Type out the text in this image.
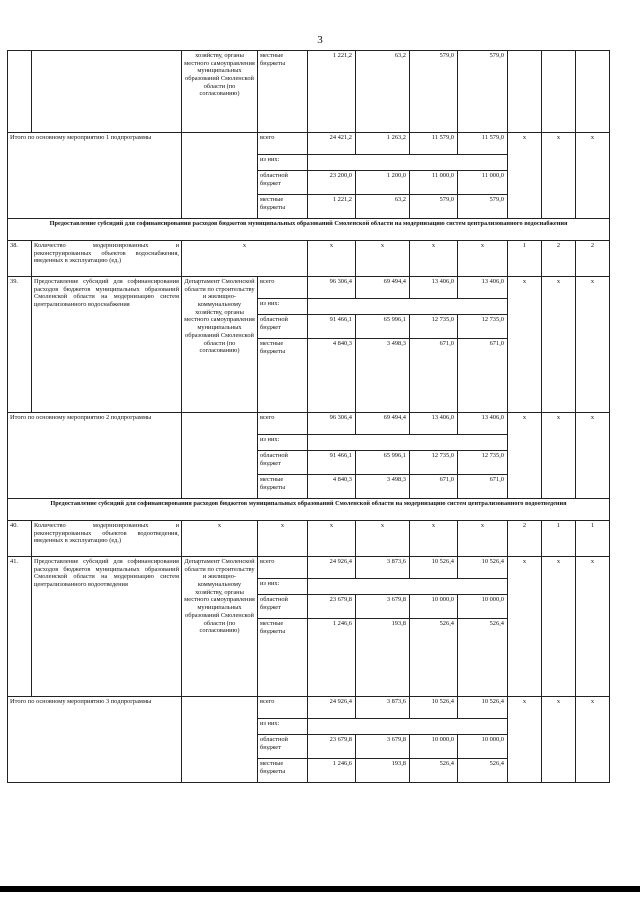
3
		хозяйству, органы местного самоуправления муниципальных образований Смоленской области (по согласованию)	местные бюджеты	1 221,2	63,2	579,0	579,0			
Итого по основному мероприятию 1 подпрограммы			всего	24 421,2	1 263,2	11 579,0	11 579,0	x	x	x
			из них:							
			областной бюджет	23 200,0	1 200,0	11 000,0	11 000,0			
			местные бюджеты	1 221,2	63,2	579,0	579,0			
Предоставление субсидий для софинансирования расходов бюджетов муниципальных образований Смоленской области на модернизацию систем централизованного водоснабжения										
38.	Количество модернизированных и реконструированных объектов водоснабжения, введенных в эксплуатацию (ед.)	x		x	x	x	x	1	2	2
39.	Предоставление субсидий для софинансирования расходов бюджетов муниципальных образований Смоленской области на модернизацию систем централизованного водоснабжения	Департамент Смоленской области по строительству и жилищно-коммунальному хозяйству, органы местного самоуправления муниципальных образований Смоленской области (по согласованию)	всего	96 306,4	69 494,4	13 406,0	13 406,0	x	x	x
			из них:							
			областной бюджет	91 466,1	65 996,1	12 735,0	12 735,0			
			местные бюджеты	4 840,3	3 498,3	671,0	671,0			
Итого по основному мероприятию 2 подпрограммы			всего	96 306,4	69 494,4	13 406,0	13 406,0	x	x	x
			из них:							
			областной бюджет	91 466,1	65 996,1	12 735,0	12 735,0			
			местные бюджеты	4 840,3	3 498,3	671,0	671,0			
Предоставление субсидий для софинансирования расходов бюджетов муниципальных образований Смоленской области на модернизацию систем централизованного водоотведения										
40.	Количество модернизированных и реконструированных объектов водоотведения, введенных в эксплуатацию (ед.)	x	x	x	x	x	x	2	1	1
41.	Предоставление субсидий для софинансирования расходов бюджетов муниципальных образований Смоленской области на модернизацию систем централизованного водоотведения	Департамент Смоленской области по строительству и жилищно-коммунальному хозяйству, органы местного самоуправления муниципальных образований Смоленской области (по согласованию)	всего	24 926,4	3 873,6	10 526,4	10 526,4	x	x	x
			из них:							
			областной бюджет	23 679,8	3 679,8	10 000,0	10 000,0			
			местные бюджеты	1 246,6	193,8	526,4	526,4			
Итого по основному мероприятию 3 подпрограммы			всего	24 926,4	3 873,6	10 526,4	10 526,4	x	x	x
			из них:							
			областной бюджет	23 679,8	3 679,8	10 000,0	10 000,0			
			местные бюджеты	1 246,6	193,8	526,4	526,4			
